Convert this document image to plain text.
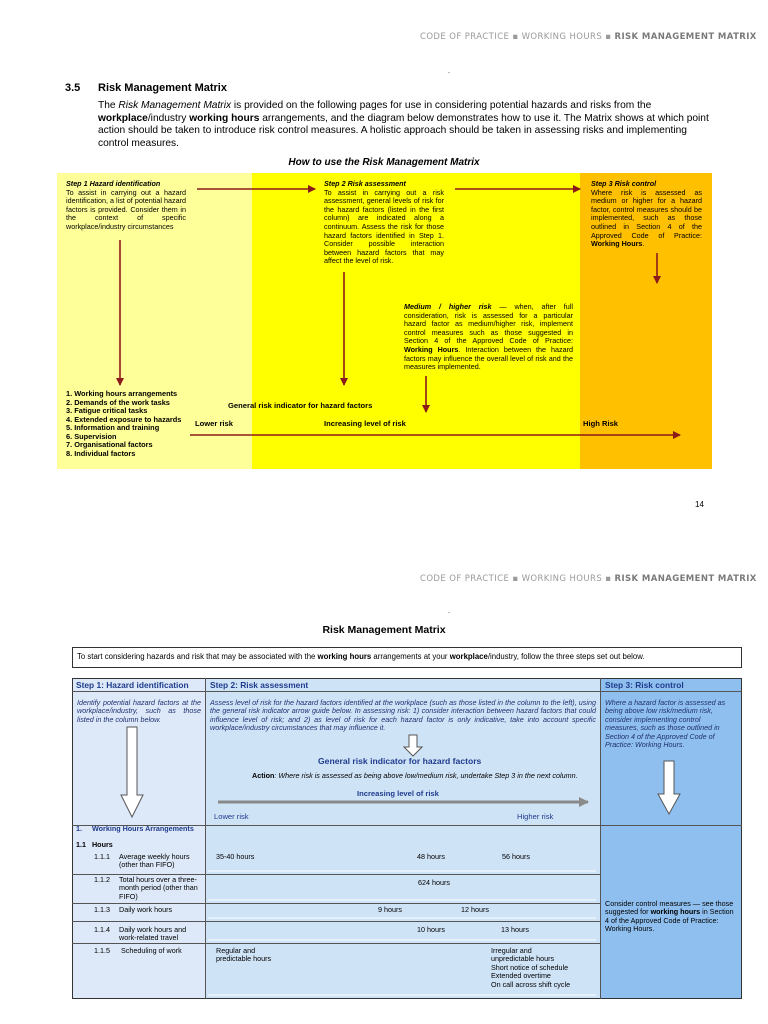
CODE OF PRACTICE ▪ WORKING HOURS ▪ RISK MANAGEMENT MATRIX
3.5 Risk Management Matrix
The Risk Management Matrix is provided on the following pages for use in considering potential hazards and risks from the
workplace/industry working hours arrangements, and the diagram below demonstrates how to use it. The Matrix shows at which point
action should be taken to introduce risk control measures. A holistic approach should be taken in assessing risks and implementing
control measures.
How to use the Risk Management Matrix
Step 1 Hazard identification
To assist in carrying out a hazard identification, a list of potential hazard factors is provided. Consider them in the context of specific workplace/industry circumstances
Step 2 Risk assessment
To assist in carrying out a risk assessment, general levels of risk for the hazard factors (listed in the first column) are indicated along a continuum. Assess the risk for those hazard factors identified in Step 1. Consider possible interaction between hazard factors that may affect the level of risk.
Step 3 Risk control
Where risk is assessed as medium or higher for a hazard factor, control measures should be implemented, such as those outlined in Section 4 of the Approved Code of Practice: Working Hours.
Medium / higher risk — when, after full consideration, risk is assessed for a particular hazard factor as medium/higher risk, implement control measures such as those suggested in Section 4 of the Approved Code of Practice: Working Hours. Interaction between the hazard factors may influence the overall level of risk and the measures implemented.
1. Working hours arrangements
2. Demands of the work tasks
3. Fatigue critical tasks
4. Extended exposure to hazards
5. Information and training
6. Supervision
7. Organisational factors
8. Individual factors
General risk indicator for hazard factors
Lower risk	Increasing level of risk	High Risk
14
CODE OF PRACTICE ▪ WORKING HOURS ▪ RISK MANAGEMENT MATRIX
Risk Management Matrix
To start considering hazards and risk that may be associated with the working hours arrangements at your workplace/industry, follow the three steps set out below.
Step 1: Hazard identification	Step 2: Risk assessment	Step 3: Risk control
Identify potential hazard factors at the workplace/industry, such as those listed in the column below.
Assess level of risk for the hazard factors identified at the workplace (such as those listed in the column to the left), using the general risk indicator arrow guide below. In assessing risk: 1) consider interaction between hazard factors that could influence level of risk; and 2) as level of risk for each hazard factor is only indicative, take into account specific workplace/industry circumstances that may influence it.
Where a hazard factor is assessed as being above low risk/medium risk, consider implementing control measures, such as those outlined in Section 4 of the Approved Code of Practice: Working Hours.
General risk indicator for hazard factors
Action: Where risk is assessed as being above low/medium risk, undertake Step 3 in the next column.
Increasing level of risk
Lower risk	Higher risk
1.     Working Hours Arrangements
1.1   Hours
1.1.1 Average weekly hours (other than FIFO)
35-40 hours	48 hours	56 hours
1.1.2 Total hours over a three-month period (other than FIFO)
624 hours
1.1.3 Daily work hours	9 hours	12 hours
1.1.4 Daily work hours and work-related travel
10 hours	13 hours
1.1.5 Scheduling of work	Regular and
predictable hours
Irregular and
unpredictable hours
Short notice of schedule
Extended overtime
On call across shift cycle
Consider control measures — see those suggested for working hours in Section 4 of the Approved Code of Practice: Working Hours.
